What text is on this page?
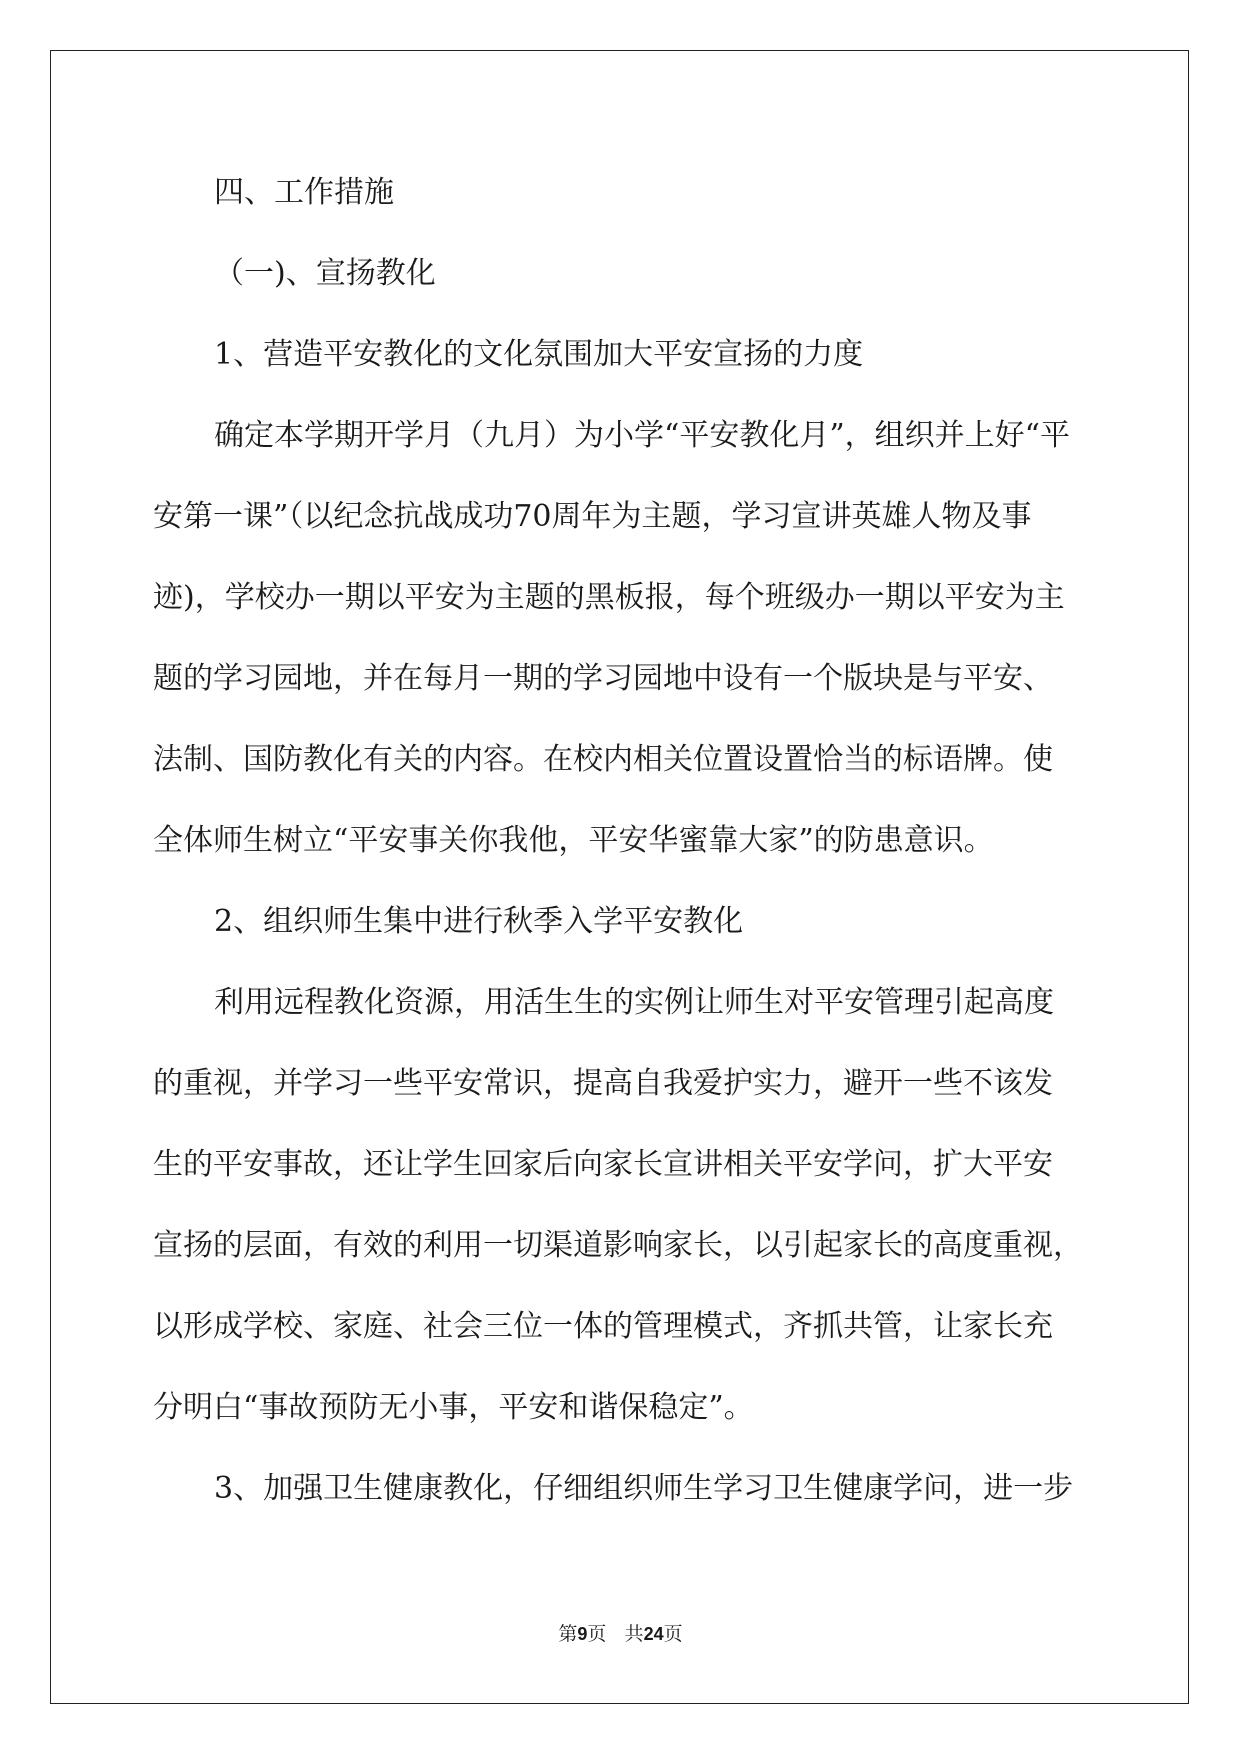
四、工作措施
（一)、宣扬教化
1、营造平安教化的文化氛围加大平安宣扬的力度
确定本学期开学月（九月）为小学“平安教化月”，组织并上好“平
安第一课”（以纪念抗战成功70周年为主题，学习宣讲英雄人物及事
迹)，学校办一期以平安为主题的黑板报，每个班级办一期以平安为主
题的学习园地，并在每月一期的学习园地中设有一个版块是与平安、
法制、国防教化有关的内容。在校内相关位置设置恰当的标语牌。使
全体师生树立“平安事关你我他，平安华蜜靠大家”的防患意识。
2、组织师生集中进行秋季入学平安教化
利用远程教化资源，用活生生的实例让师生对平安管理引起高度
的重视，并学习一些平安常识，提高自我爱护实力，避开一些不该发
生的平安事故，还让学生回家后向家长宣讲相关平安学问，扩大平安
宣扬的层面，有效的利用一切渠道影响家长，以引起家长的高度重视，
以形成学校、家庭、社会三位一体的管理模式，齐抓共管，让家长充
分明白“事故预防无小事，平安和谐保稳定”。
3、加强卫生健康教化，仔细组织师生学习卫生健康学问，进一步
第9页 共24页
